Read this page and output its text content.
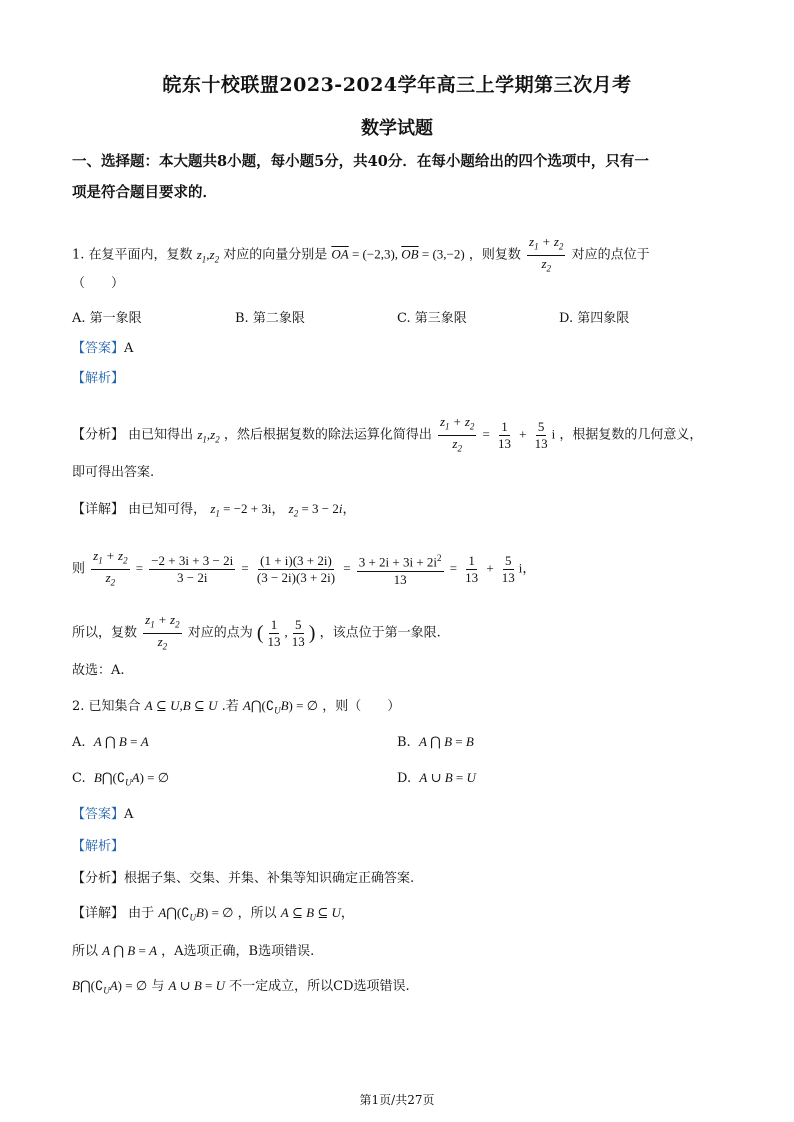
皖东十校联盟2023-2024学年高三上学期第三次月考
数学试题
一、选择题：本大题共8小题，每小题5分，共40分．在每小题给出的四个选项中，只有一
项是符合题目要求的．
1. 在复平面内，复数 $z_1,z_2$ 对应的向量分别是 $\overline{OA} = (-2,3)$, $\overline{OB} = (3,-2)$ ，则复数 $\frac{z_1 + z_2}{z_2}$ 对应的点位于
（　　）
A. 第一象限	B. 第二象限	C. 第三象限	D. 第四象限
【答案】A
【解析】
【分析】 由已知得出 $z_1,z_2$ ，然后根据复数的除法运算化简得出 $\frac{z_1 + z_2}{z_2} = \frac{1}{13} + \frac{5}{13}$ i ，根据复数的几何意义，
即可得出答案.
【详解】 由已知可得， $z_1 = -2 + 3i$， $z_2 = 3 - 2i$，
则 $\frac{z_1 + z_2}{z_2} = \frac{-2 + 3i + 3 - 2i}{3 - 2i} = \frac{(1 + i)(3 + 2i)}{(3 - 2i)(3 + 2i)} = \frac{3 + 2i + 3i + 2i^2}{13} = \frac{1}{13} + \frac{5}{13}$ i，
所以，复数 $\frac{z_1 + z_2}{z_2}$ 对应的点为 ( $\frac{1}{13}$ , $\frac{5}{13}$ ) ，该点位于第一象限.
故选：A.
2. 已知集合 A ⊆ U,B ⊆ U .若 $A⋂(∁_UB)$ = ∅ ，则（　　）
A.  A ⋂ B = A	B.  A ⋂ B = B
C.  $B⋂(∁_UA)$ = ∅	D.  A ∪ B = U
【答案】A
【解析】
【分析】根据子集、交集、并集、补集等知识确定正确答案.
【详解】 由于 $A⋂(∁_UB)$ = ∅ ，所以 A ⊆ B ⊆ U，
所以 A ⋂ B = A ，A选项正确，B选项错误.
$B⋂(∁_UA)$ = ∅ 与 A ∪ B = U 不一定成立，所以CD选项错误.
第1页/共27页
